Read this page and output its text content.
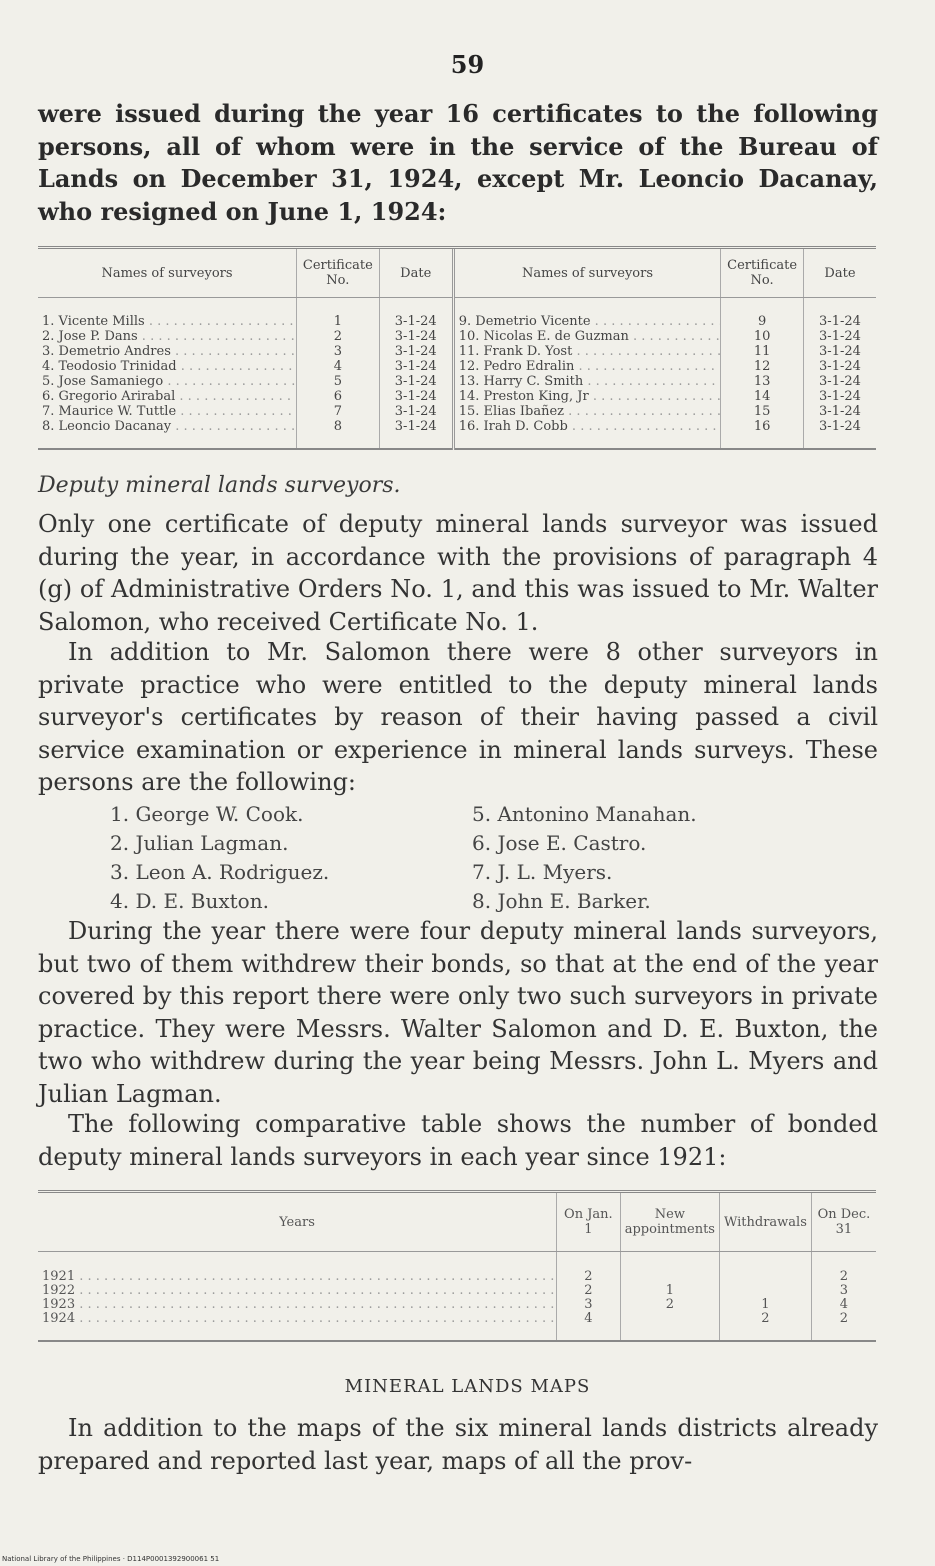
59
were issued during the year 16 certificates to the following persons, all of whom were in the service of the Bureau of Lands on December 31, 1924, except Mr. Leoncio Dacanay, who resigned on June 1, 1924:
Names of surveyors	Certificate No.	Date	Names of surveyors	Certificate No.	Date
1. Vicente Mills . . .	1	3-1-24	9. Demetrio Vicente . . .	9	3-1-24
2. Jose P. Dans . . .	2	3-1-24	10. Nicolas E. de Guzman . . .	10	3-1-24
3. Demetrio Andres . . .	3	3-1-24	11. Frank D. Yost . . .	11	3-1-24
4. Teodosio Trinidad . . .	4	3-1-24	12. Pedro Edralin . . .	12	3-1-24
5. Jose Samaniego . . .	5	3-1-24	13. Harry C. Smith . . .	13	3-1-24
6. Gregorio Arirabal . . .	6	3-1-24	14. Preston King, Jr . . .	14	3-1-24
7. Maurice W. Tuttle . . .	7	3-1-24	15. Elias Ibañez . . .	15	3-1-24
8. Leoncio Dacanay . . .	8	3-1-24	16. Irah D. Cobb . . .	16	3-1-24
Deputy mineral lands surveyors.
Only one certificate of deputy mineral lands surveyor was issued during the year, in accordance with the provisions of paragraph 4 (g) of Administrative Orders No. 1, and this was issued to Mr. Walter Salomon, who received Certificate No. 1.
In addition to Mr. Salomon there were 8 other surveyors in private practice who were entitled to the deputy mineral lands surveyor's certificates by reason of their having passed a civil service examination or experience in mineral lands surveys. These persons are the following:
1. George W. Cook.
2. Julian Lagman.
3. Leon A. Rodriguez.
4. D. E. Buxton.
5. Antonino Manahan.
6. Jose E. Castro.
7. J. L. Myers.
8. John E. Barker.
During the year there were four deputy mineral lands surveyors, but two of them withdrew their bonds, so that at the end of the year covered by this report there were only two such surveyors in private practice. They were Messrs. Walter Salomon and D. E. Buxton, the two who withdrew during the year being Messrs. John L. Myers and Julian Lagman.
The following comparative table shows the number of bonded deputy mineral lands surveyors in each year since 1921:
Years	On Jan. 1	New appointments	Withdrawals	On Dec. 31
1921 . . .	2			2
1922 . . .	2	1		3
1923 . . .	3	2	1	4
1924 . . .	4		2	2
MINERAL LANDS MAPS
In addition to the maps of the six mineral lands districts already prepared and reported last year, maps of all the prov-
National Library of the Philippines · D114P0001392900061 51
